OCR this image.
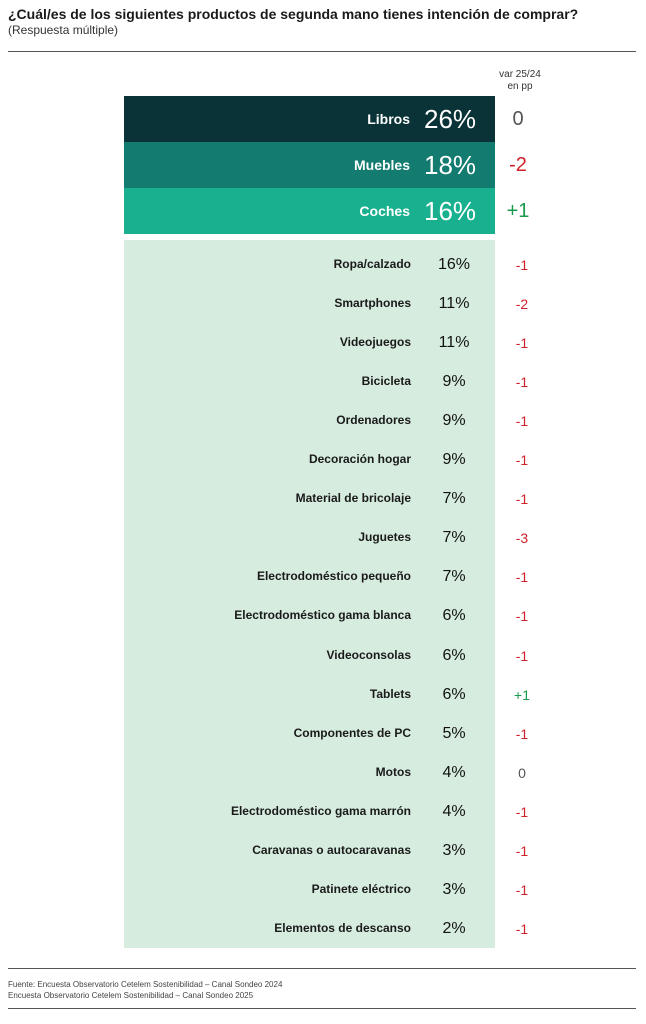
¿Cuál/es de los siguientes productos de segunda mano tienes intención de comprar?
(Respuesta múltiple)
var 25/24
en pp
Libros 26%	0
Muebles 18%	-2
Coches 16%	+1
Ropa/calzado	16%	-1
Smartphones	11%	-2
Videojuegos	11%	-1
Bicicleta	9%	-1
Ordenadores	9%	-1
Decoración hogar	9%	-1
Material de bricolaje	7%	-1
Juguetes	7%	-3
Electrodoméstico pequeño	7%	-1
Electrodoméstico gama blanca	6%	-1
Videoconsolas	6%	-1
Tablets	6%	+1
Componentes de PC	5%	-1
Motos	4%	0
Electrodoméstico gama marrón	4%	-1
Caravanas o autocaravanas	3%	-1
Patinete eléctrico	3%	-1
Elementos de descanso	2%	-1
Fuente: Encuesta Observatorio Cetelem Sostenibilidad – Canal Sondeo 2024
Encuesta Observatorio Cetelem Sostenibilidad – Canal Sondeo 2025
